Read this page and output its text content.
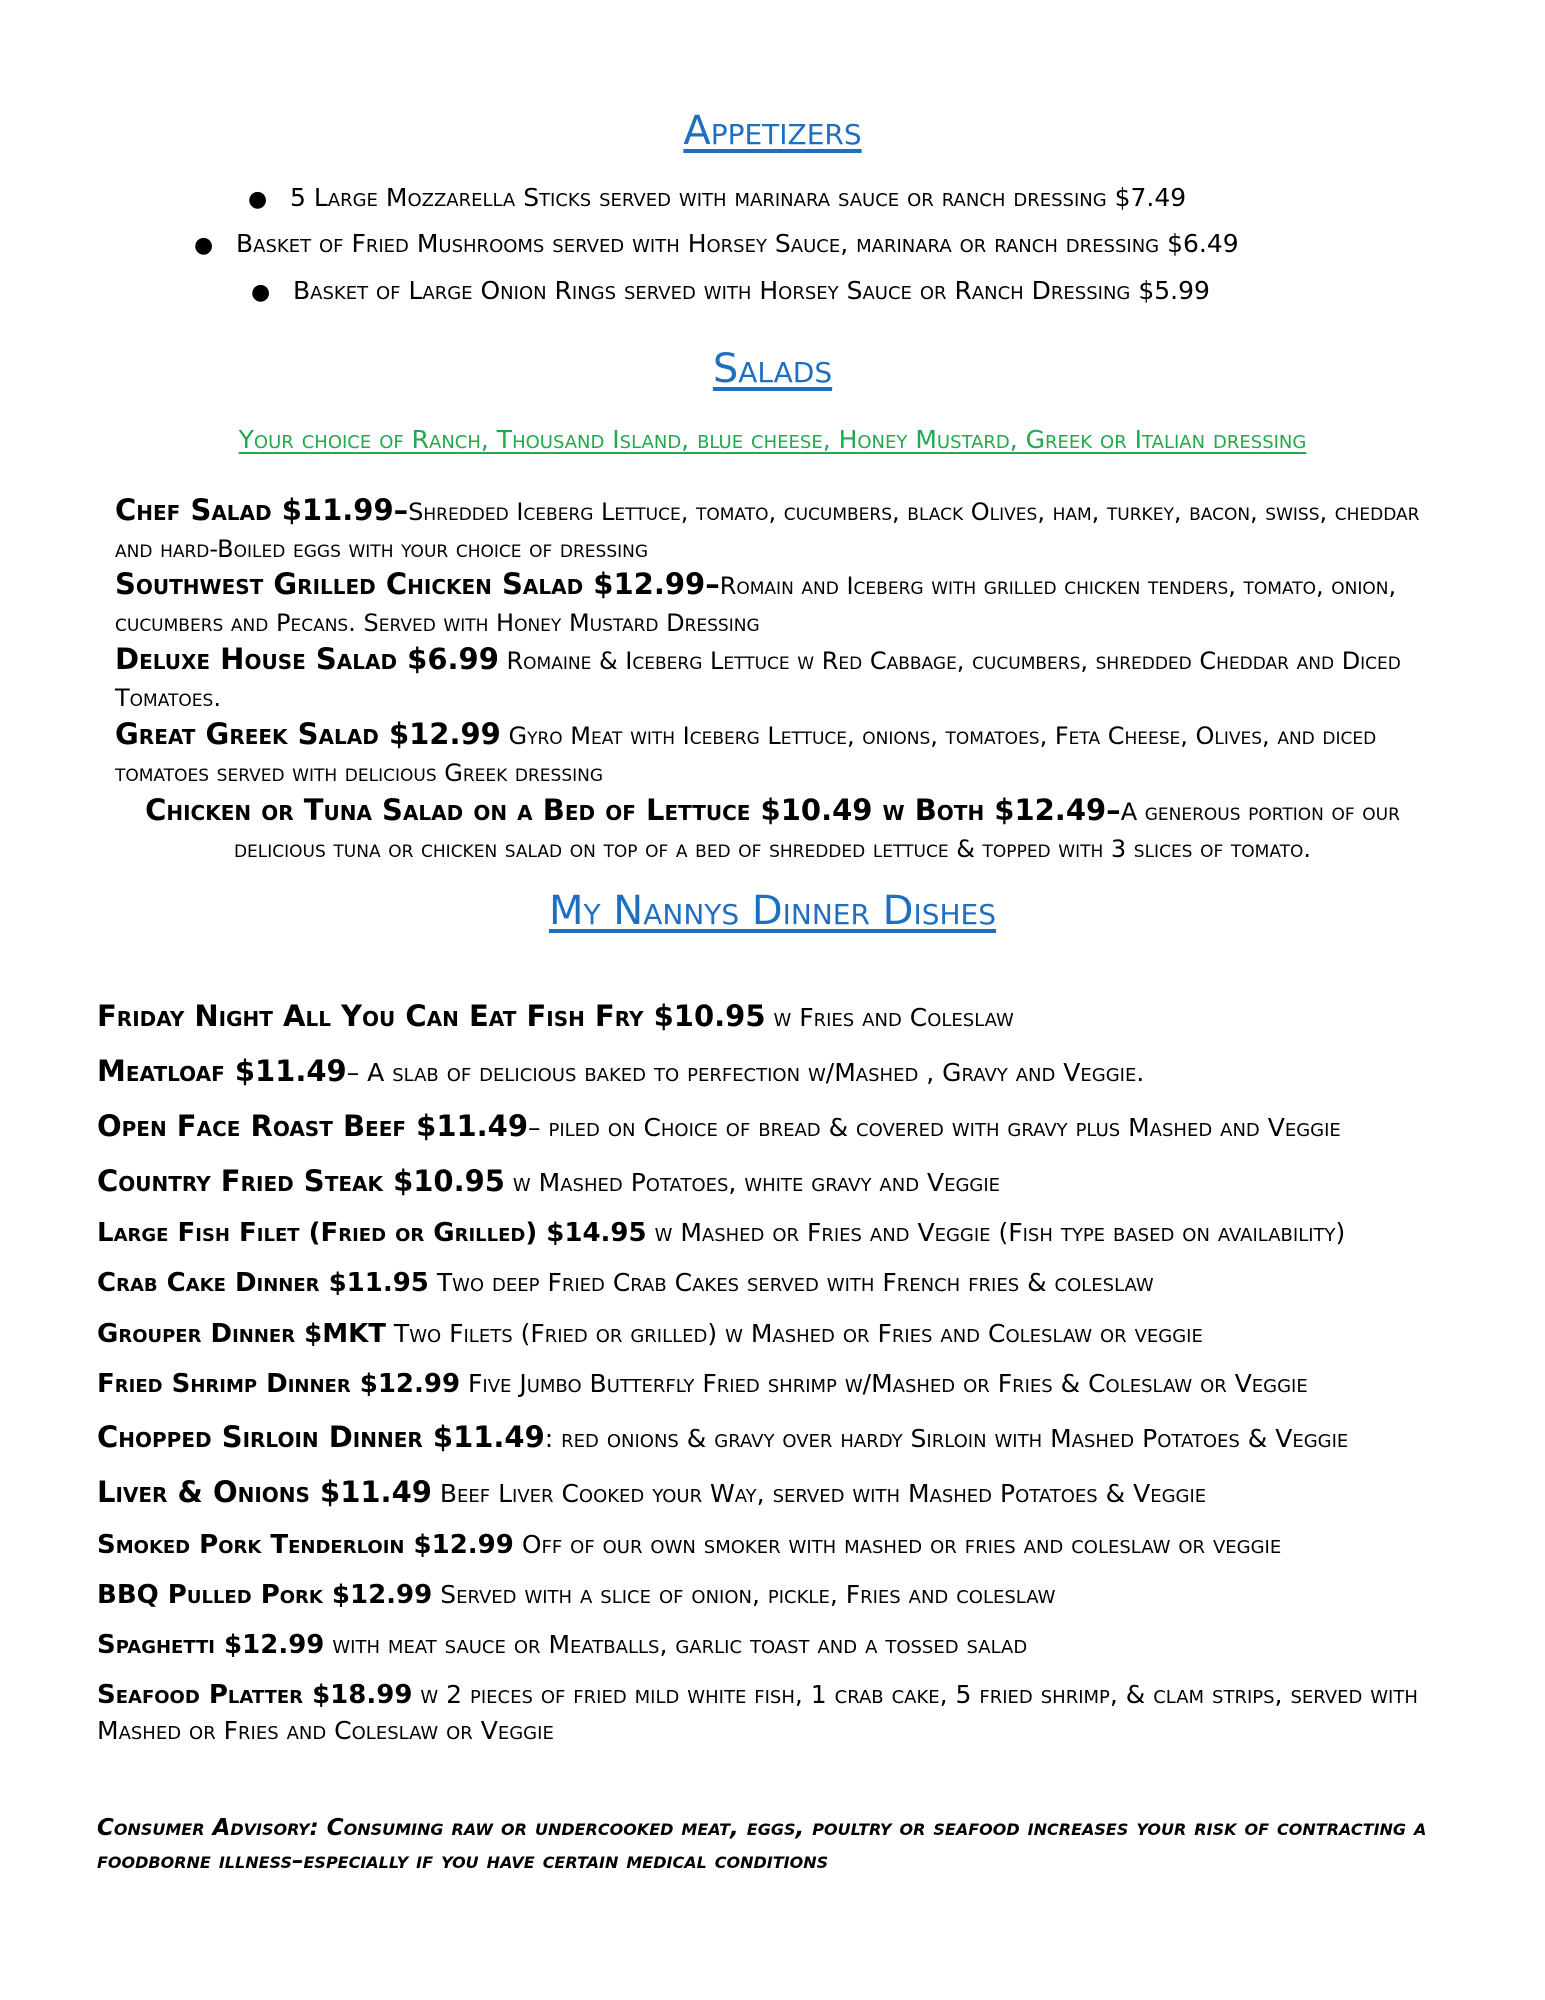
Appetizers
● 5 Large Mozzarella Sticks served with marinara sauce or ranch dressing $7.49
● Basket of Fried Mushrooms served with Horsey Sauce, marinara or ranch dressing $6.49
● Basket of Large Onion Rings served with Horsey Sauce or Ranch Dressing $5.99
Salads
Your choice of Ranch, Thousand Island, blue cheese, Honey Mustard, Greek or Italian dressing
Chef Salad $11.99–Shredded Iceberg Lettuce, tomato, cucumbers, black Olives, ham, turkey, bacon, swiss, cheddar and hard-Boiled eggs with your choice of dressing
Southwest Grilled Chicken Salad $12.99–Romain and Iceberg with grilled chicken tenders, tomato, onion, cucumbers and Pecans. Served with Honey Mustard Dressing
Deluxe House Salad $6.99 Romaine & Iceberg Lettuce w Red Cabbage, cucumbers, shredded Cheddar and Diced Tomatoes.
Great Greek Salad $12.99 Gyro Meat with Iceberg Lettuce, onions, tomatoes, Feta Cheese, Olives, and diced tomatoes served with delicious Greek dressing
Chicken or Tuna Salad on a Bed of Lettuce $10.49 w Both $12.49–A generous portion of our delicious tuna or chicken salad on top of a bed of shredded lettuce & topped with 3 slices of tomato.
My Nannys Dinner Dishes
Friday Night All You Can Eat Fish Fry $10.95 w Fries and Coleslaw
Meatloaf $11.49– A slab of delicious baked to perfection w/Mashed , Gravy and Veggie.
Open Face Roast Beef $11.49– piled on Choice of bread & covered with gravy plus Mashed and Veggie
Country Fried Steak $10.95 w Mashed Potatoes, white gravy and Veggie
Large Fish Filet (Fried or Grilled) $14.95 w Mashed or Fries and Veggie (Fish type based on availability)
Crab Cake Dinner $11.95 Two deep Fried Crab Cakes served with French fries & coleslaw
Grouper Dinner $MKT Two Filets (Fried or grilled) w Mashed or Fries and Coleslaw or veggie
Fried Shrimp Dinner $12.99 Five Jumbo Butterfly Fried shrimp w/Mashed or Fries & Coleslaw or Veggie
Chopped Sirloin Dinner $11.49: red onions & gravy over hardy Sirloin with Mashed Potatoes & Veggie
Liver & Onions $11.49 Beef Liver Cooked your Way, served with Mashed Potatoes & Veggie
Smoked Pork Tenderloin $12.99 Off of our own smoker with mashed or fries and coleslaw or veggie
BBQ Pulled Pork $12.99 Served with a slice of onion, pickle, Fries and coleslaw
Spaghetti $12.99 with meat sauce or Meatballs, garlic toast and a tossed salad
Seafood Platter $18.99 w 2 pieces of fried mild white fish, 1 crab cake, 5 fried shrimp, & clam strips, served with Mashed or Fries and Coleslaw or Veggie
Consumer Advisory: Consuming raw or undercooked meat, eggs, poultry or seafood increases your risk of contracting a foodborne illness–especially if you have certain medical conditions
